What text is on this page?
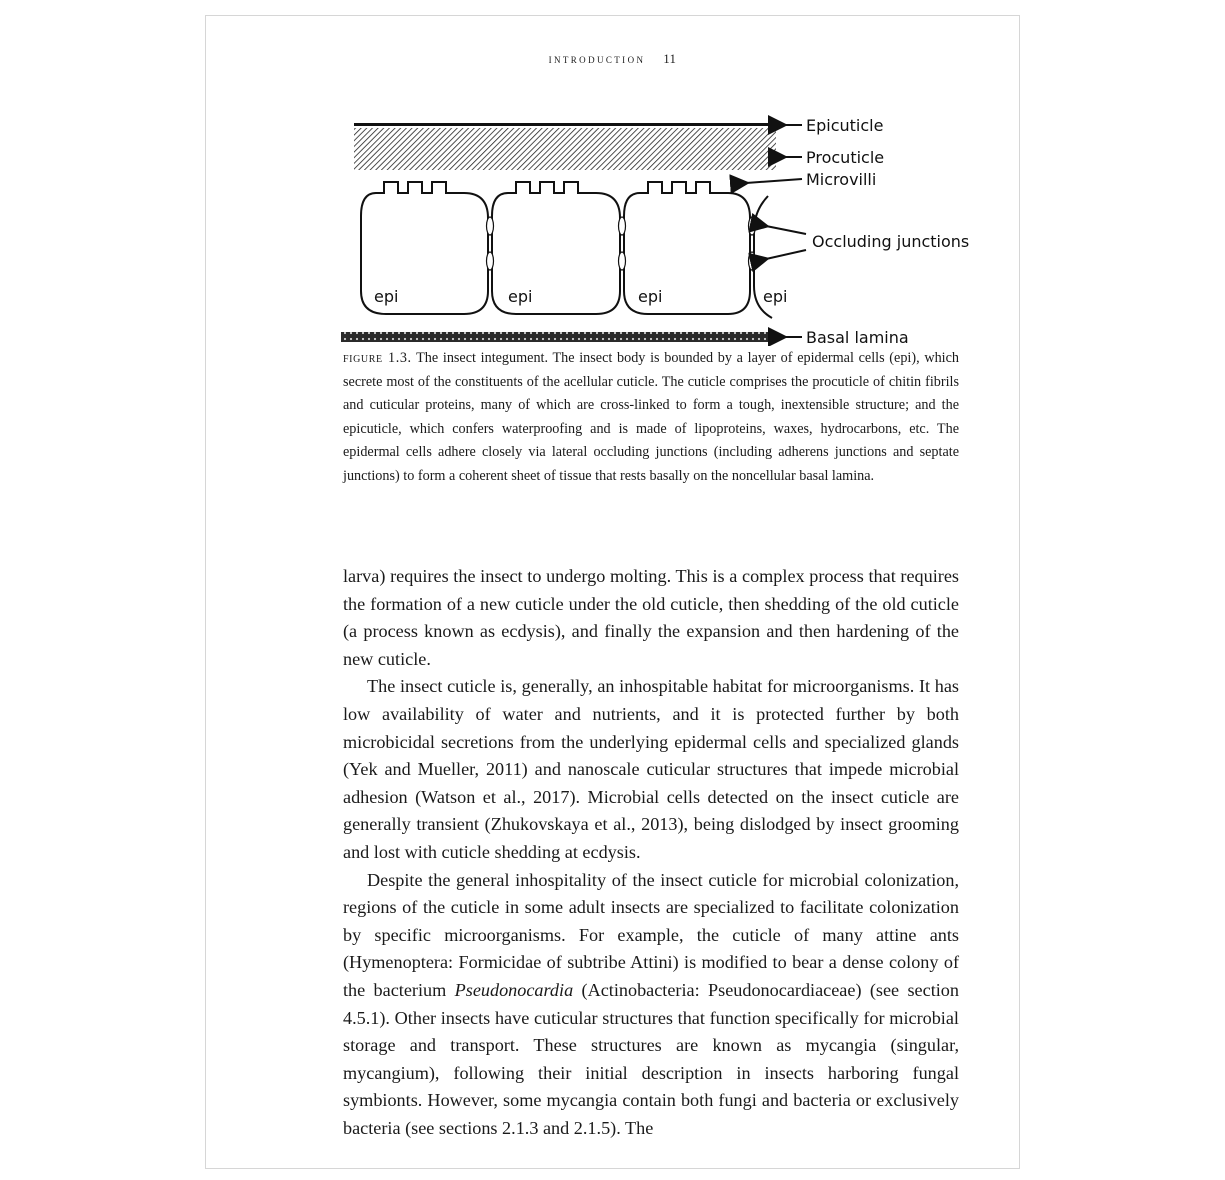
introduction 11
epi	epi	epi	epi
Epicuticle
Procuticle
Microvilli
Occluding junctions
Basal lamina
figure 1.3. The insect integument. The insect body is bounded by a layer of epidermal cells (epi), which secrete most of the constituents of the acellular cuticle. The cuticle comprises the procuticle of chitin fibrils and cuticular proteins, many of which are cross-linked to form a tough, inextensible structure; and the epicuticle, which confers waterproofing and is made of lipoproteins, waxes, hydrocarbons, etc. The epidermal cells adhere closely via lateral occluding junctions (including adherens junctions and septate junctions) to form a coherent sheet of tissue that rests basally on the noncellular basal lamina.

larva) requires the insect to undergo molting. This is a complex process that requires the formation of a new cuticle under the old cuticle, then shedding of the old cuticle (a process known as ecdysis), and finally the expansion and then hardening of the new cuticle.

The insect cuticle is, generally, an inhospitable habitat for microorganisms. It has low availability of water and nutrients, and it is protected further by both microbicidal secretions from the underlying epidermal cells and specialized glands (Yek and Mueller, 2011) and nanoscale cuticular structures that impede microbial adhesion (Watson et al., 2017). Microbial cells detected on the insect cuticle are generally transient (Zhukovskaya et al., 2013), being dislodged by insect grooming and lost with cuticle shedding at ecdysis.

Despite the general inhospitality of the insect cuticle for microbial colonization, regions of the cuticle in some adult insects are specialized to facilitate colonization by specific microorganisms. For example, the cuticle of many attine ants (Hymenoptera: Formicidae of subtribe Attini) is modified to bear a dense colony of the bacterium Pseudonocardia (Actinobacteria: Pseudonocardiaceae) (see section 4.5.1). Other insects have cuticular structures that function specifically for microbial storage and transport. These structures are known as mycangia (singular, mycangium), following their initial description in insects harboring fungal symbionts. However, some mycangia contain both fungi and bacteria or exclusively bacteria (see sections 2.1.3 and 2.1.5). The
